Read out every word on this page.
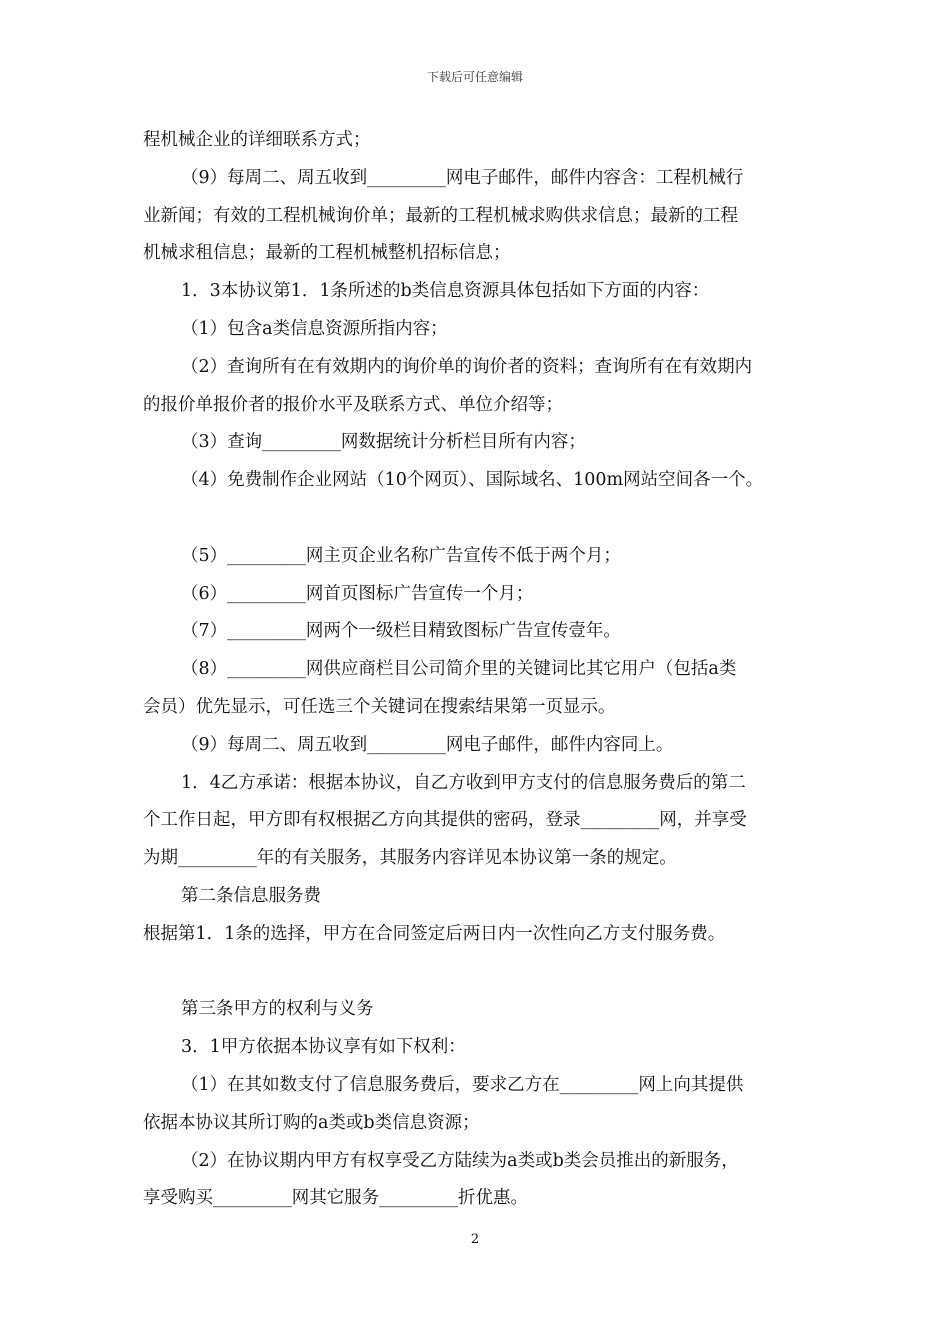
下载后可任意编辑

程机械企业的详细联系方式；

（9）每周二、周五收到_________网电子邮件，邮件内容含：工程机械行

业新闻；有效的工程机械询价单；最新的工程机械求购供求信息；最新的工程

机械求租信息；最新的工程机械整机招标信息；

1．3本协议第1．1条所述的b类信息资源具体包括如下方面的内容：

（1）包含a类信息资源所指内容；

（2）查询所有在有效期内的询价单的询价者的资料；查询所有在有效期内

的报价单报价者的报价水平及联系方式、单位介绍等；

（3）查询_________网数据统计分析栏目所有内容；

（4）免费制作企业网站（10个网页）、国际域名、100m网站空间各一个。

（5）_________网主页企业名称广告宣传不低于两个月；

（6）_________网首页图标广告宣传一个月；

（7）_________网两个一级栏目精致图标广告宣传壹年。

（8）_________网供应商栏目公司简介里的关键词比其它用户（包括a类

会员）优先显示，可任选三个关键词在搜索结果第一页显示。

（9）每周二、周五收到_________网电子邮件，邮件内容同上。

1．4乙方承诺：根据本协议，自乙方收到甲方支付的信息服务费后的第二

个工作日起，甲方即有权根据乙方向其提供的密码，登录_________网，并享受

为期_________年的有关服务，其服务内容详见本协议第一条的规定。

第二条信息服务费

根据第1．1条的选择，甲方在合同签定后两日内一次性向乙方支付服务费。

第三条甲方的权利与义务

3．1甲方依据本协议享有如下权利：

（1）在其如数支付了信息服务费后，要求乙方在_________网上向其提供

依据本协议其所订购的a类或b类信息资源；

（2）在协议期内甲方有权享受乙方陆续为a类或b类会员推出的新服务，

享受购买_________网其它服务_________折优惠。

2
